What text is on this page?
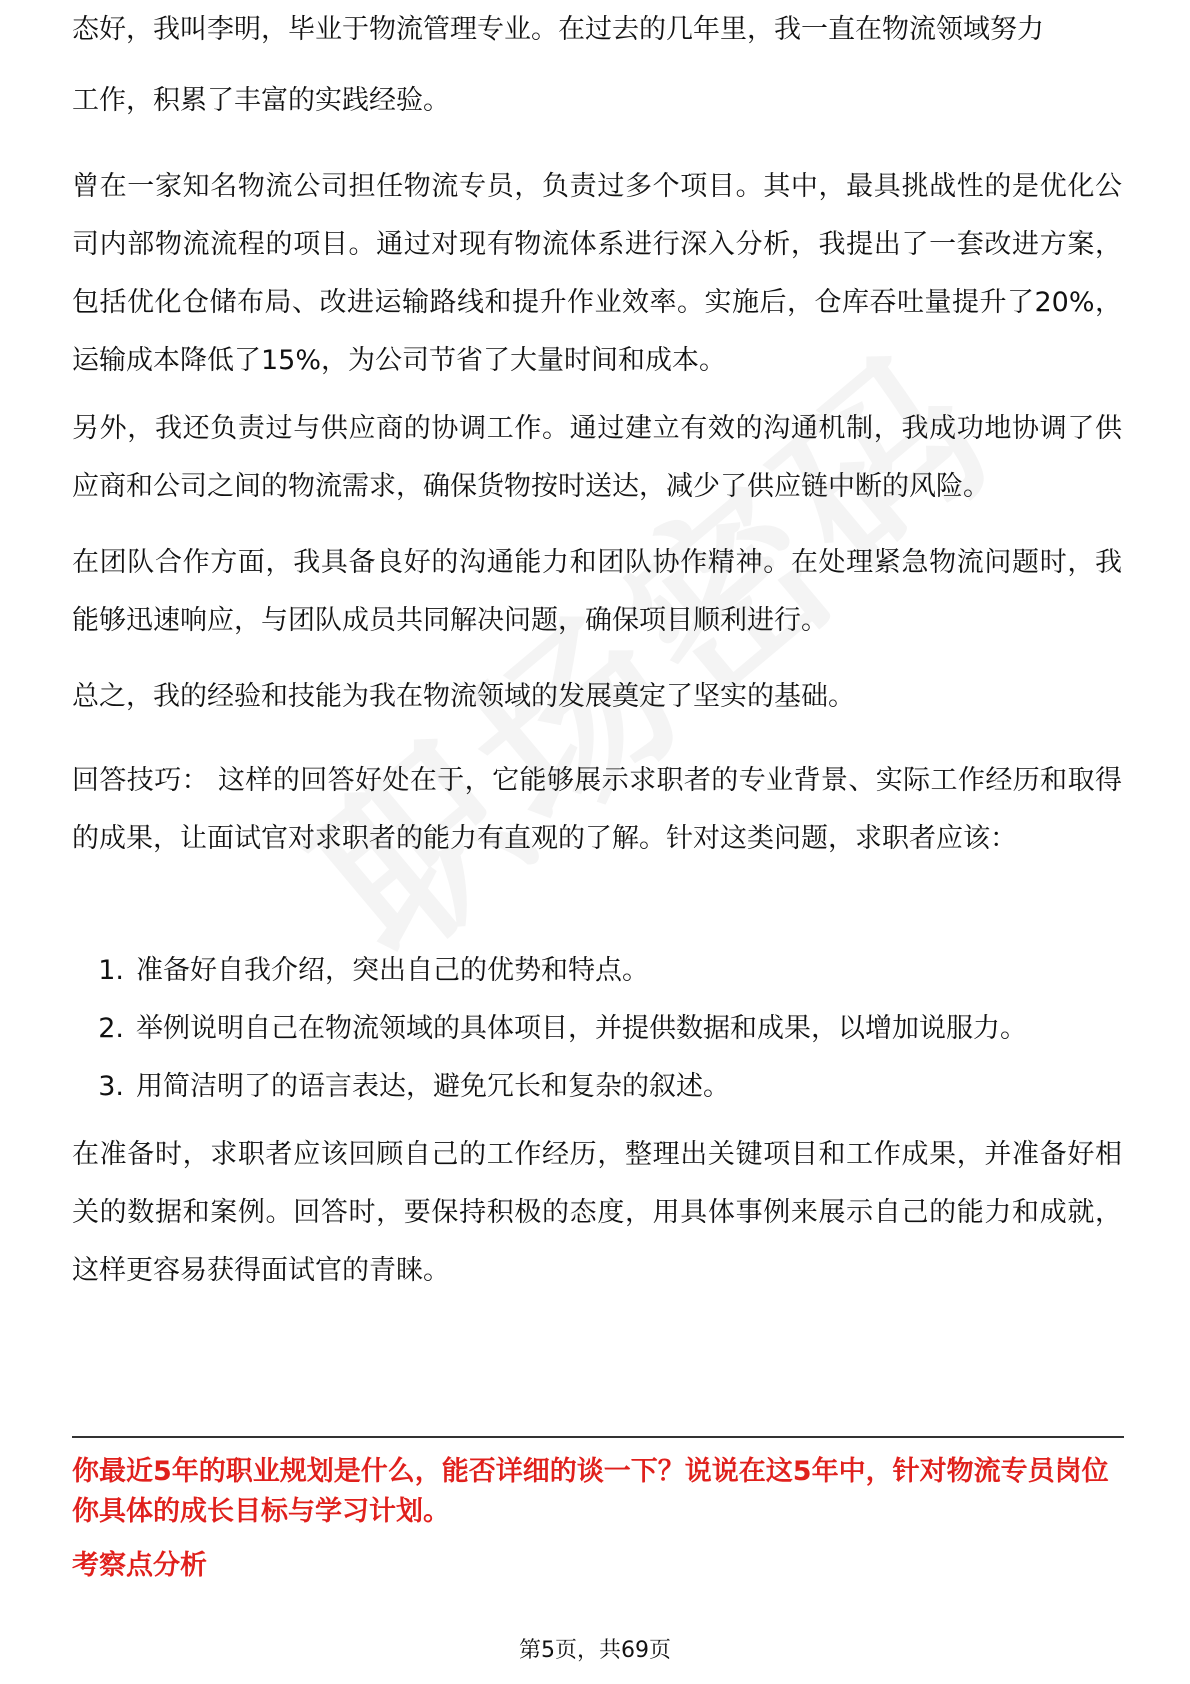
态好，我叫李明，毕业于物流管理专业。在过去的几年里，我一直在物流领域努力

工作，积累了丰富的实践经验。

曾在一家知名物流公司担任物流专员，负责过多个项目。其中，最具挑战性的是优化公司内部物流流程的项目。通过对现有物流体系进行深入分析，我提出了一套改进方案，包括优化仓储布局、改进运输路线和提升作业效率。实施后，仓库吞吐量提升了20%，运输成本降低了15%，为公司节省了大量时间和成本。

另外，我还负责过与供应商的协调工作。通过建立有效的沟通机制，我成功地协调了供应商和公司之间的物流需求，确保货物按时送达，减少了供应链中断的风险。

在团队合作方面，我具备良好的沟通能力和团队协作精神。在处理紧急物流问题时，我能够迅速响应，与团队成员共同解决问题，确保项目顺利进行。

总之，我的经验和技能为我在物流领域的发展奠定了坚实的基础。

回答技巧： 这样的回答好处在于，它能够展示求职者的专业背景、实际工作经历和取得的成果，让面试官对求职者的能力有直观的了解。针对这类问题，求职者应该：

1. 准备好自我介绍，突出自己的优势和特点。
2. 举例说明自己在物流领域的具体项目，并提供数据和成果，以增加说服力。
3. 用简洁明了的语言表达，避免冗长和复杂的叙述。

在准备时，求职者应该回顾自己的工作经历，整理出关键项目和工作成果，并准备好相关的数据和案例。回答时，要保持积极的态度，用具体事例来展示自己的能力和成就，这样更容易获得面试官的青睐。

你最近5年的职业规划是什么，能否详细的谈一下？说说在这5年中，针对物流专员岗位你具体的成长目标与学习计划。

考察点分析

第5页，共69页
